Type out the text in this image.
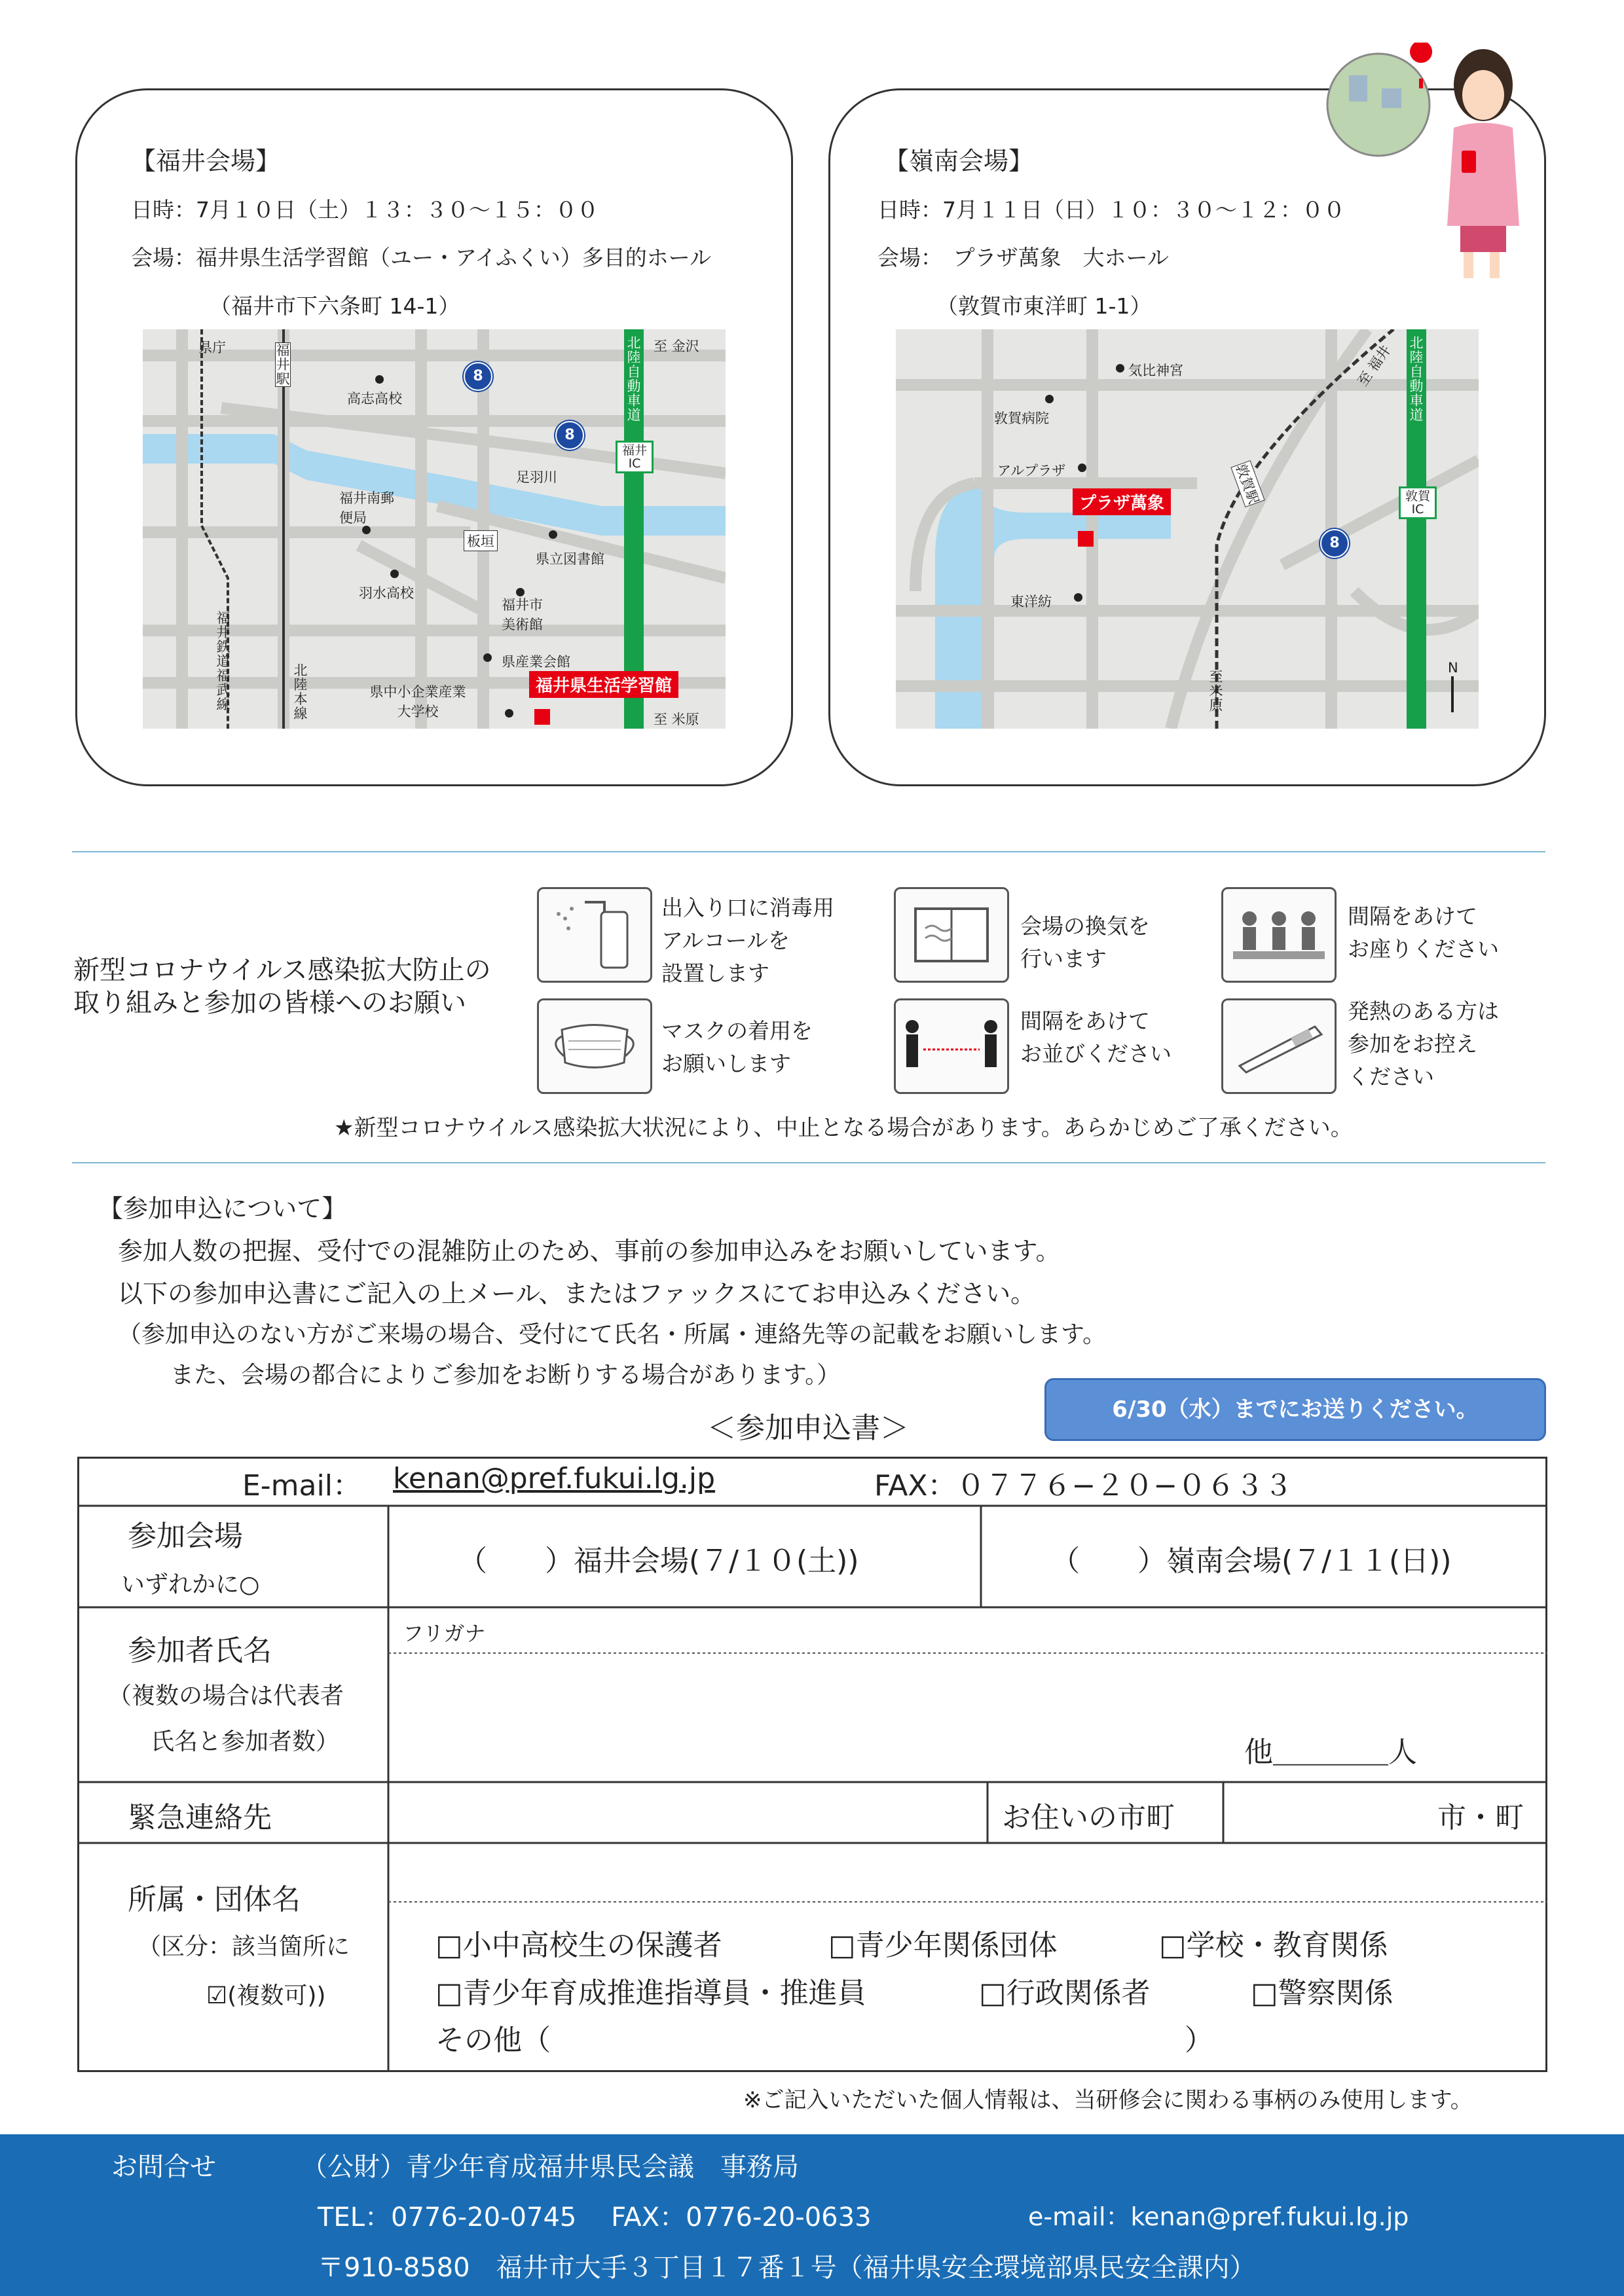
【福井会場】
日時：7月１０日（土）１３：３０〜１５：００
会場：福井県生活学習館（ユー・アイふくい）多目的ホール
（福井市下六条町 14-1）
県庁	福井駅
高志高校
至 金沢
北陸自動車道
福井IC
8
8
足羽川
福井南郵便局
板垣
県立図書館
羽水高校
福井市美術館
福井鉄道福武線
北陸本線
県産業会館
県中小企業産業大学校
福井県生活学習館
至 米原
【嶺南会場】
日時：7月１１日（日）１０：３０〜１２：００
会場：　プラザ萬象　大ホール
（敦賀市東洋町 1-1）
気比神宮
敦賀病院
アルプラザ	敦賀駅
至 福井 北陸自動車道
敦賀IC
プラザ萬象
8
東洋紡
至 米原
N
新型コロナウイルス感染拡大防止の
取り組みと参加の皆様へのお願い
出入り口に消毒用
アルコールを
設置します
会場の換気を
行います
間隔をあけて
お座りください
マスクの着用を
お願いします
間隔をあけて
お並びください
発熱のある方は
参加をお控え
ください
★新型コロナウイルス感染拡大状況により、中止となる場合があります。あらかじめご了承ください。
【参加申込について】
参加人数の把握、受付での混雑防止のため、事前の参加申込みをお願いしています。
以下の参加申込書にご記入の上メール、またはファックスにてお申込みください。
（参加申込のない方がご来場の場合、受付にて氏名・所属・連絡先等の記載をお願いします。
また、会場の都合によりご参加をお断りする場合があります。）
＜参加申込書＞
6/30（水）までにお送りください。
E-mail： kenan@pref.fukui.lg.jp	FAX：０７７６−２０−０６３３
参加会場
いずれかに○
（　　）福井会場(７/１０(土))	（　　）嶺南会場(７/１１(日))
参加者氏名
（複数の場合は代表者
氏名と参加者数）
フリガナ
他＿＿＿＿人
緊急連絡先	お住いの市町	市・町
所属・団体名
（区分：該当箇所に
☑(複数可))
□小中高校生の保護者	□青少年関係団体	□学校・教育関係
□青少年育成推進指導員・推進員	□行政関係者	□警察関係
その他（　　　　　　　　　　　　　　　　　　　　　　）
※ご記入いただいた個人情報は、当研修会に関わる事柄のみ使用します。
お問合せ	（公財）青少年育成福井県民会議　事務局
TEL：0776-20-0745　 FAX：0776-20-0633	e-mail：kenan@pref.fukui.lg.jp
〒910-8580　福井市大手３丁目１７番１号（福井県安全環境部県民安全課内）
